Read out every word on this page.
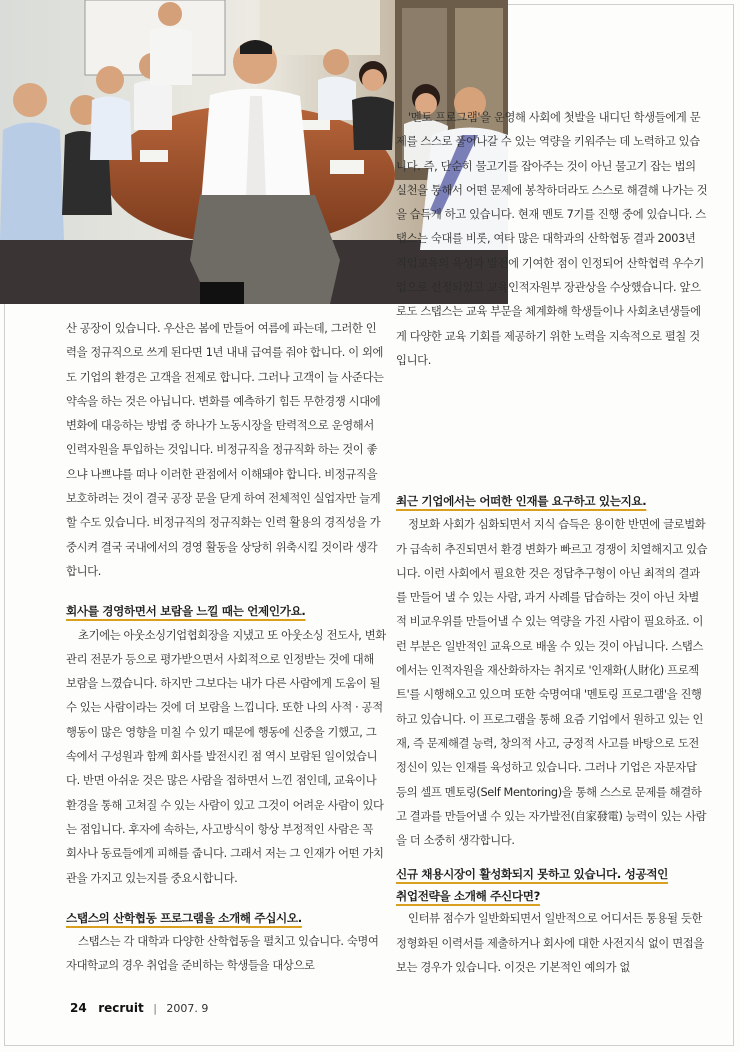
'멘토 프로그램'을 운영해 사회에 첫발을 내디딘 학생들에게 문제를 스스로 풀어나갈 수 있는 역량을 키워주는 데 노력하고 있습니다. 즉, 단순히 물고기를 잡아주는 것이 아닌 물고기 잡는 법의 실천을 통해서 어떤 문제에 봉착하더라도 스스로 해결해 나가는 것을 습득케 하고 있습니다. 현재 멘토 7기를 진행 중에 있습니다. 스탭스는 숙대를 비롯, 여타 많은 대학과의 산학협동 결과 2003년 직업교육의 육성과 발전에 기여한 점이 인정되어 산학협력 우수기업으로 선정되었고 교육인적자원부 장관상을 수상했습니다. 앞으로도 스탭스는 교육 부문을 체계화해 학생들이나 사회초년생들에게 다양한 교육 기회를 제공하기 위한 노력을 지속적으로 펼칠 것입니다.

산 공장이 있습니다. 우산은 봄에 만들어 여름에 파는데, 그러한 인력을 정규직으로 쓰게 된다면 1년 내내 급여를 줘야 합니다. 이 외에도 기업의 환경은 고객을 전제로 합니다. 그러나 고객이 늘 사준다는 약속을 하는 것은 아닙니다. 변화를 예측하기 힘든 무한경쟁 시대에 변화에 대응하는 방법 중 하나가 노동시장을 탄력적으로 운영해서 인력자원을 투입하는 것입니다. 비정규직을 정규직화 하는 것이 좋으냐 나쁘냐를 떠나 이러한 관점에서 이해돼야 합니다. 비정규직을 보호하려는 것이 결국 공장 문을 닫게 하여 전체적인 실업자만 늘게 할 수도 있습니다. 비정규직의 정규직화는 인력 활용의 경직성을 가중시켜 결국 국내에서의 경영 활동을 상당히 위축시킬 것이라 생각합니다.

회사를 경영하면서 보람을 느낄 때는 언제인가요.

초기에는 아웃소싱기업협회장을 지냈고 또 아웃소싱 전도사, 변화관리 전문가 등으로 평가받으면서 사회적으로 인정받는 것에 대해 보람을 느꼈습니다. 하지만 그보다는 내가 다른 사람에게 도움이 될 수 있는 사람이라는 것에 더 보람을 느낍니다. 또한 나의 사적 · 공적 행동이 많은 영향을 미칠 수 있기 때문에 행동에 신중을 기했고, 그 속에서 구성원과 함께 회사를 발전시킨 점 역시 보람된 일이었습니다. 반면 아쉬운 것은 많은 사람을 접하면서 느낀 점인데, 교육이나 환경을 통해 고쳐질 수 있는 사람이 있고 그것이 어려운 사람이 있다는 점입니다. 후자에 속하는, 사고방식이 항상 부정적인 사람은 꼭 회사나 동료들에게 피해를 줍니다. 그래서 저는 그 인재가 어떤 가치관을 가지고 있는지를 중요시합니다.

스탭스의 산학협동 프로그램을 소개해 주십시오.

스탭스는 각 대학과 다양한 산학협동을 펼치고 있습니다. 숙명여자대학교의 경우 취업을 준비하는 학생들을 대상으로

최근 기업에서는 어떠한 인재를 요구하고 있는지요.

정보화 사회가 심화되면서 지식 습득은 용이한 반면에 글로벌화가 급속히 추진되면서 환경 변화가 빠르고 경쟁이 치열해지고 있습니다. 이런 사회에서 필요한 것은 정답추구형이 아닌 최적의 결과를 만들어 낼 수 있는 사람, 과거 사례를 답습하는 것이 아닌 차별적 비교우위를 만들어낼 수 있는 역량을 가진 사람이 필요하죠. 이런 부분은 일반적인 교육으로 배울 수 있는 것이 아닙니다. 스탭스에서는 인적자원을 재산화하자는 취지로 '인재화(人財化) 프로젝트'를 시행해오고 있으며 또한 숙명여대 '멘토링 프로그램'을 진행하고 있습니다. 이 프로그램을 통해 요즘 기업에서 원하고 있는 인재, 즉 문제해결 능력, 창의적 사고, 긍정적 사고를 바탕으로 도전정신이 있는 인재를 육성하고 있습니다. 그러나 기업은 자문자답 등의 셀프 멘토링(Self Mentoring)을 통해 스스로 문제를 해결하고 결과를 만들어낼 수 있는 자가발전(自家發電) 능력이 있는 사람을 더 소중히 생각합니다.

신규 채용시장이 활성화되지 못하고 있습니다. 성공적인
취업전략을 소개해 주신다면?

인터뷰 점수가 일반화되면서 일반적으로 어디서든 통용될 듯한 정형화된 이력서를 제출하거나 회사에 대한 사전지식 없이 면접을 보는 경우가 있습니다. 이것은 기본적인 예의가 없

24 recruit | 2007. 9
